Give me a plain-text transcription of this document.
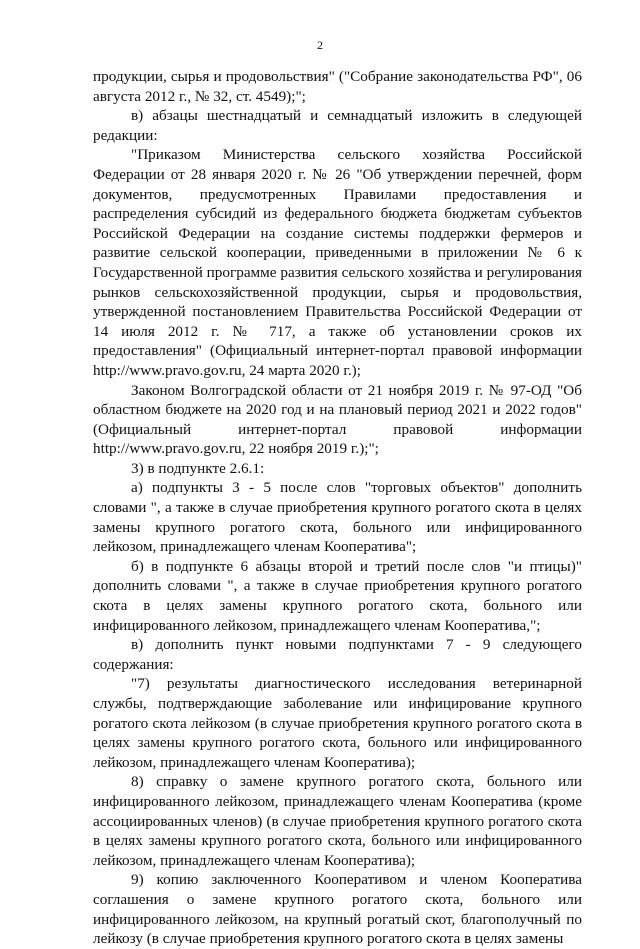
2

продукции, сырья и продовольствия" ("Собрание законодательства РФ", 06 августа 2012 г., № 32, ст. 4549);";

в) абзацы шестнадцатый и семнадцатый изложить в следующей редакции:

"Приказом Министерства сельского хозяйства Российской Федерации от 28 января 2020 г. № 26 "Об утверждении перечней, форм документов, предусмотренных Правилами предоставления и распределения субсидий из федерального бюджета бюджетам субъектов Российской Федерации на создание системы поддержки фермеров и развитие сельской кооперации, приведенными в приложении № 6 к Государственной программе развития сельского хозяйства и регулирования рынков сельскохозяйственной продукции, сырья и продовольствия, утвержденной постановлением Правительства Российской Федерации от 14 июля 2012 г. № 717, а также об установлении сроков их предоставления" (Официальный интернет-портал правовой информации http://www.pravo.gov.ru, 24 марта 2020 г.);

Законом Волгоградской области от 21 ноября 2019 г. № 97-ОД "Об областном бюджете на 2020 год и на плановый период 2021 и 2022 годов" (Официальный интернет-портал правовой информации http://www.pravo.gov.ru, 22 ноября 2019 г.);";

3) в подпункте 2.6.1:

а) подпункты 3 - 5 после слов "торговых объектов" дополнить словами ", а также в случае приобретения крупного рогатого скота в целях замены крупного рогатого скота, больного или инфицированного лейкозом, принадлежащего членам Кооператива";

б) в подпункте 6 абзацы второй и третий после слов "и птицы)" дополнить словами ", а также в случае приобретения крупного рогатого скота в целях замены крупного рогатого скота, больного или инфицированного лейкозом, принадлежащего членам Кооператива,";

в) дополнить пункт новыми подпунктами 7 - 9 следующего содержания:

"7) результаты диагностического исследования ветеринарной службы, подтверждающие заболевание или инфицирование крупного рогатого скота лейкозом (в случае приобретения крупного рогатого скота в целях замены крупного рогатого скота, больного или инфицированного лейкозом, принадлежащего членам Кооператива);

8) справку о замене крупного рогатого скота, больного или инфицированного лейкозом, принадлежащего членам Кооператива (кроме ассоциированных членов) (в случае приобретения крупного рогатого скота в целях замены крупного рогатого скота, больного или инфицированного лейкозом, принадлежащего членам Кооператива);

9) копию заключенного Кооперативом и членом Кооператива соглашения о замене крупного рогатого скота, больного или инфицированного лейкозом, на крупный рогатый скот, благополучный по лейкозу (в случае приобретения крупного рогатого скота в целях замены
